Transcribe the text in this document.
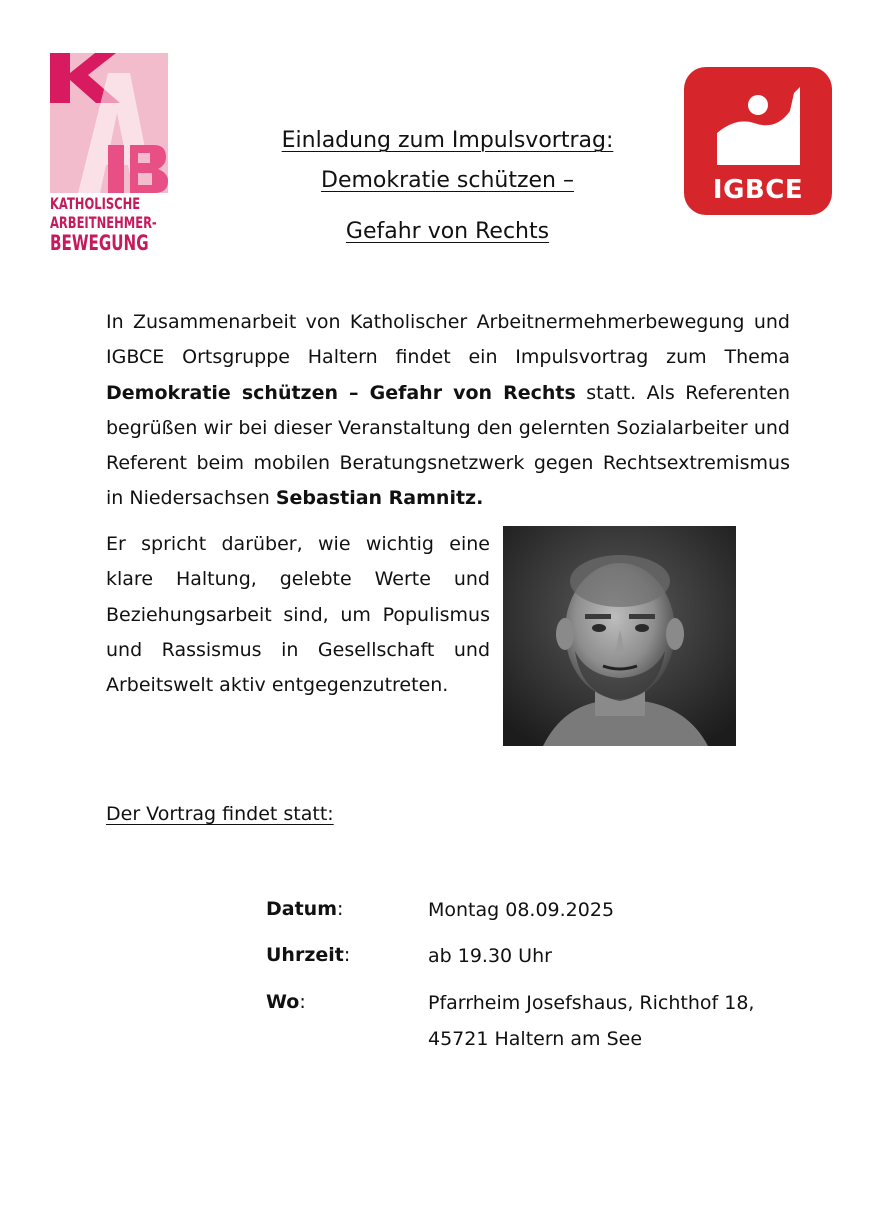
KATHOLISCHE
ARBEITNEHMER-
BEWEGUNG
IGBCE
Einladung zum Impulsvortrag:
Demokratie schützen –
Gefahr von Rechts
In Zusammenarbeit von Katholischer Arbeitnermehmerbewegung und IGBCE Ortsgruppe Haltern findet ein Impulsvortrag zum Thema Demokratie schützen – Gefahr von Rechts statt. Als Referenten begrüßen wir bei dieser Veranstaltung den gelernten Sozialarbeiter und Referent beim mobilen Beratungsnetzwerk gegen Rechtsextremismus in Niedersachsen Sebastian Ramnitz.
Er spricht darüber, wie wichtig eine klare Haltung, gelebte Werte und Beziehungsarbeit sind, um Populismus und Rassismus in Gesellschaft und Arbeitswelt aktiv entgegenzutreten.
Der Vortrag findet statt:
Datum:	Montag 08.09.2025
Uhrzeit:	ab 19.30 Uhr
Wo:	Pfarrheim Josefshaus, Richthof 18,
45721 Haltern am See
